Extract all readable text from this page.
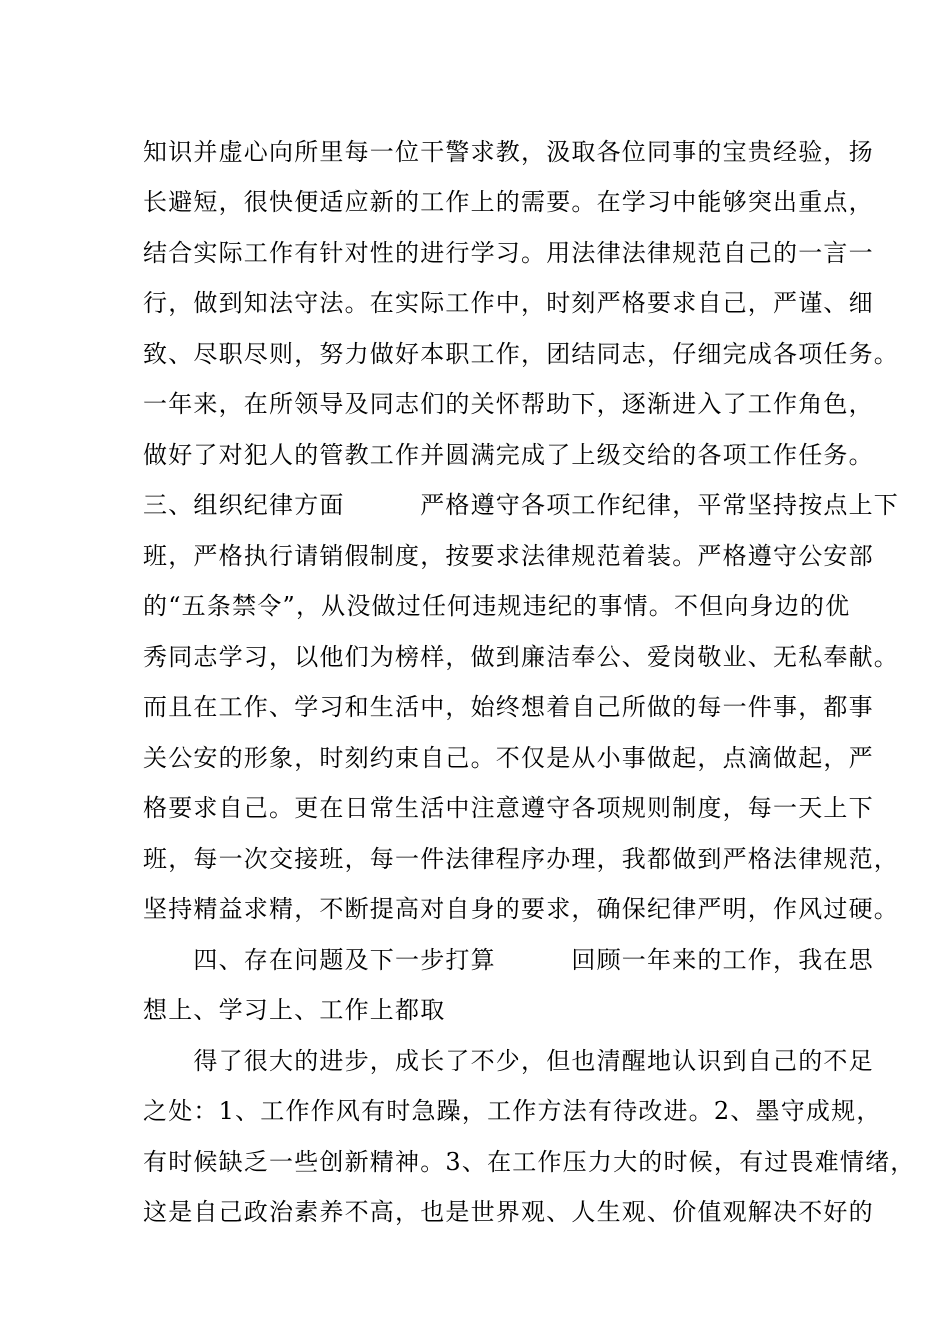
知识并虚心向所里每一位干警求教，汲取各位同事的宝贵经验，扬
长避短，很快便适应新的工作上的需要。在学习中能够突出重点，
结合实际工作有针对性的进行学习。用法律法律规范自己的一言一
行，做到知法守法。在实际工作中，时刻严格要求自己，严谨、细
致、尽职尽则，努力做好本职工作，团结同志，仔细完成各项任务。
一年来，在所领导及同志们的关怀帮助下，逐渐进入了工作角色，
做好了对犯人的管教工作并圆满完成了上级交给的各项工作任务。
三、组织纪律方面　　　严格遵守各项工作纪律，平常坚持按点上下
班，严格执行请销假制度，按要求法律规范着装。严格遵守公安部
的“五条禁令”，从没做过任何违规违纪的事情。不但向身边的优
秀同志学习，以他们为榜样，做到廉洁奉公、爱岗敬业、无私奉献。
而且在工作、学习和生活中，始终想着自己所做的每一件事，都事
关公安的形象，时刻约束自己。不仅是从小事做起，点滴做起，严
格要求自己。更在日常生活中注意遵守各项规则制度，每一天上下
班，每一次交接班，每一件法律程序办理，我都做到严格法律规范，
坚持精益求精，不断提高对自身的要求，确保纪律严明，作风过硬。
　　四、存在问题及下一步打算　　　回顾一年来的工作，我在思
想上、学习上、工作上都取
　　得了很大的进步，成长了不少，但也清醒地认识到自己的不足
之处：1、工作作风有时急躁，工作方法有待改进。2、墨守成规，
有时候缺乏一些创新精神。3、在工作压力大的时候，有过畏难情绪，
这是自己政治素养不高，也是世界观、人生观、价值观解决不好的
